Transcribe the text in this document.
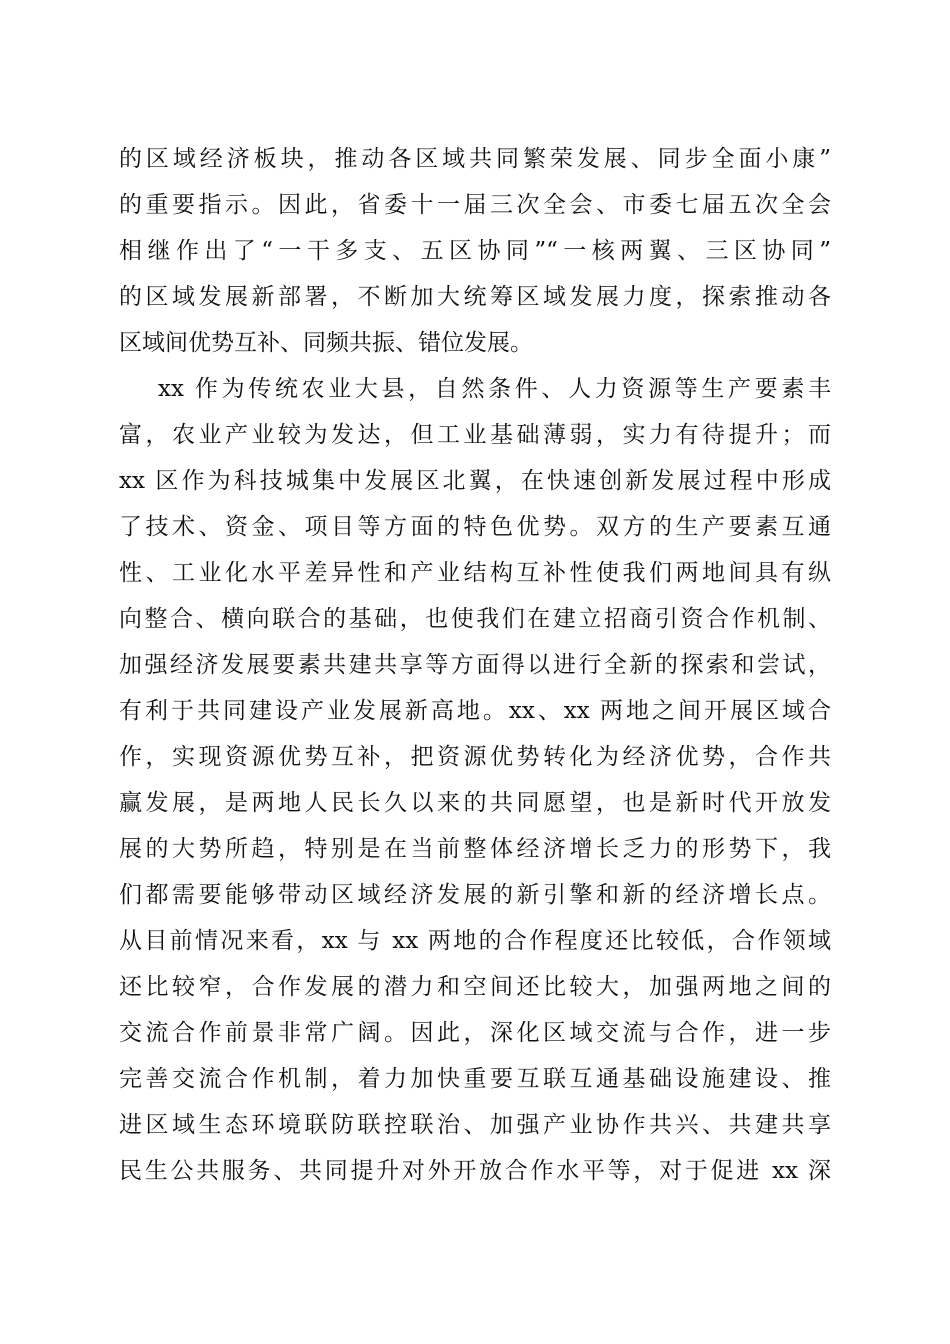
的区域经济板块，推动各区域共同繁荣发展、同步全面小康”
的重要指示。因此，省委十一届三次全会、市委七届五次全会
相继作出了“一干多支、五区协同”“一核两翼、三区协同”
的区域发展新部署，不断加大统筹区域发展力度，探索推动各
区域间优势互补、同频共振、错位发展。
xx 作为传统农业大县，自然条件、人力资源等生产要素丰
富，农业产业较为发达，但工业基础薄弱，实力有待提升；而
xx 区作为科技城集中发展区北翼，在快速创新发展过程中形成
了技术、资金、项目等方面的特色优势。双方的生产要素互通
性、工业化水平差异性和产业结构互补性使我们两地间具有纵
向整合、横向联合的基础，也使我们在建立招商引资合作机制、
加强经济发展要素共建共享等方面得以进行全新的探索和尝试，
有利于共同建设产业发展新高地。xx、xx 两地之间开展区域合
作，实现资源优势互补，把资源优势转化为经济优势，合作共
赢发展，是两地人民长久以来的共同愿望，也是新时代开放发
展的大势所趋，特别是在当前整体经济增长乏力的形势下，我
们都需要能够带动区域经济发展的新引擎和新的经济增长点。
从目前情况来看，xx 与 xx 两地的合作程度还比较低，合作领域
还比较窄，合作发展的潜力和空间还比较大，加强两地之间的
交流合作前景非常广阔。因此，深化区域交流与合作，进一步
完善交流合作机制，着力加快重要互联互通基础设施建设、推
进区域生态环境联防联控联治、加强产业协作共兴、共建共享
民生公共服务、共同提升对外开放合作水平等，对于促进 xx 深
